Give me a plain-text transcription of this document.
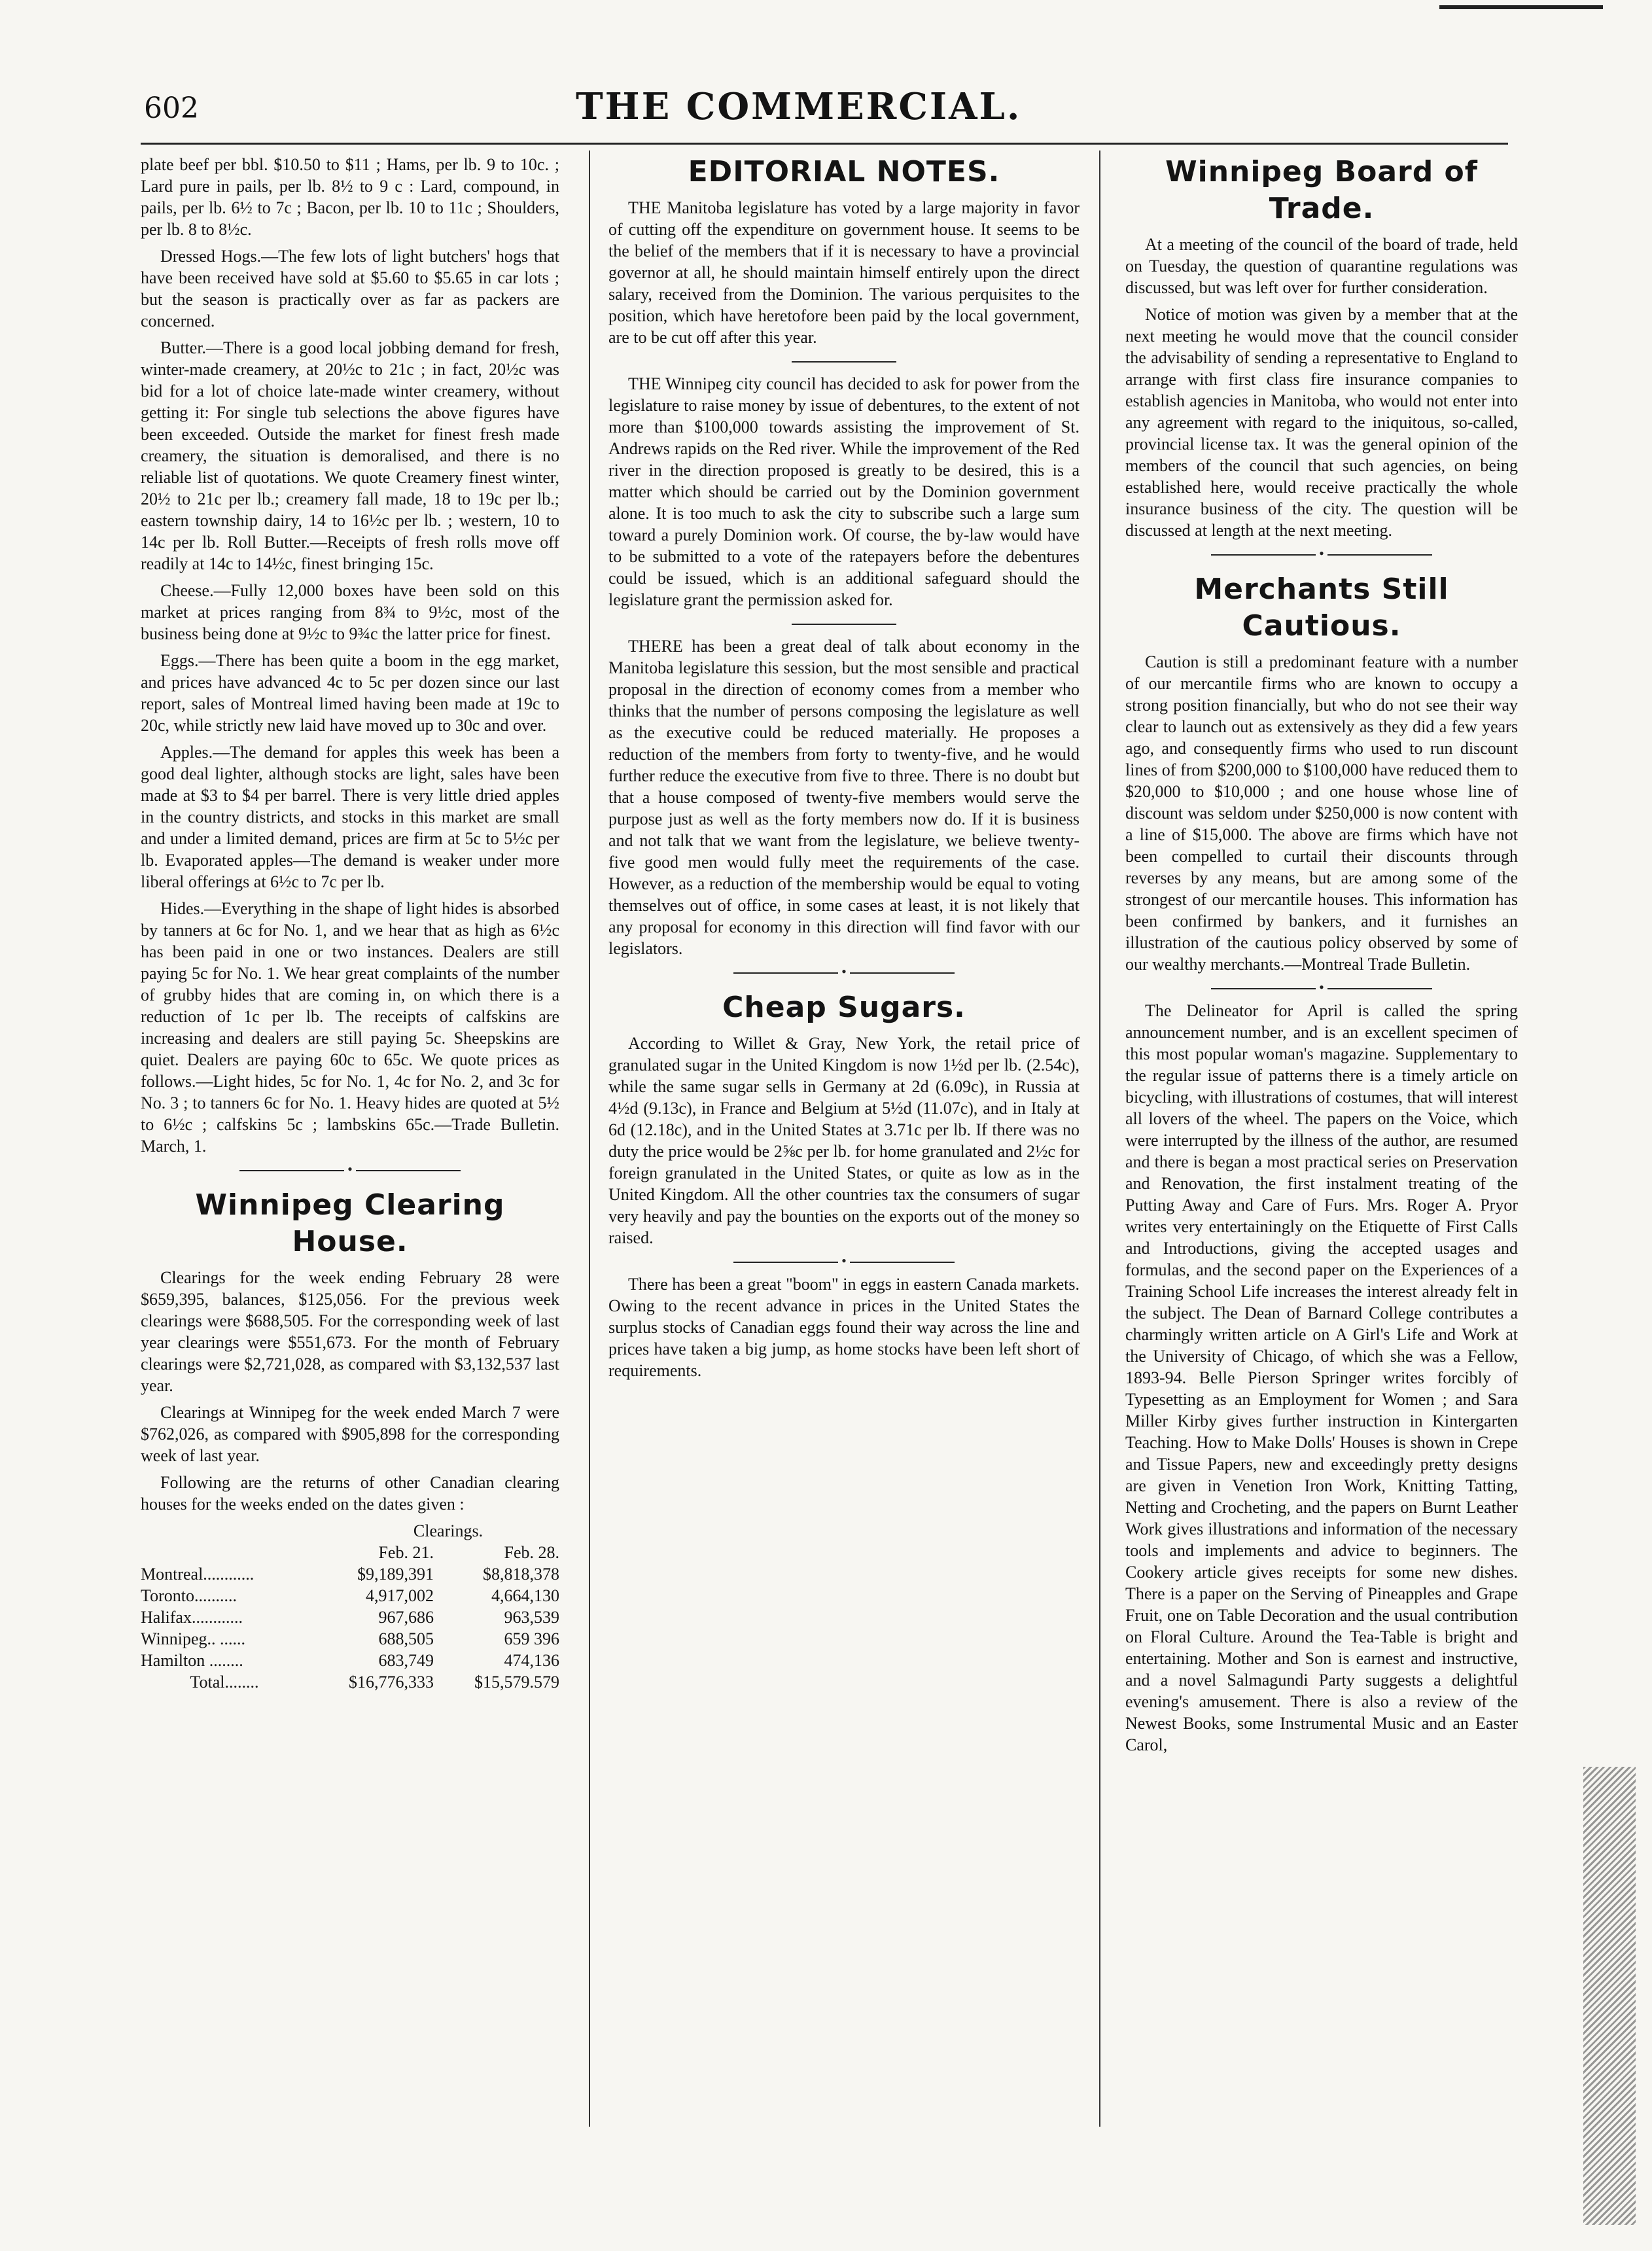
602	THE COMMERCIAL.

plate beef per bbl. $10.50 to $11 ; Hams, per lb. 9 to 10c. ; Lard pure in pails, per lb. 8½ to 9 c : Lard, compound, in pails, per lb. 6½ to 7c ; Bacon, per lb. 10 to 11c ; Shoulders, per lb. 8 to 8½c.

Dressed Hogs.—The few lots of light butchers' hogs that have been received have sold at $5.60 to $5.65 in car lots ; but the season is practically over as far as packers are concerned.

Butter.—There is a good local jobbing demand for fresh, winter-made creamery, at 20½c to 21c ; in fact, 20½c was bid for a lot of choice late-made winter creamery, without getting it: For single tub selections the above figures have been exceeded. Outside the market for finest fresh made creamery, the situation is demoralised, and there is no reliable list of quotations. We quote Creamery finest winter, 20½ to 21c per lb.; creamery fall made, 18 to 19c per lb.; eastern township dairy, 14 to 16½c per lb. ; western, 10 to 14c per lb. Roll Butter.—Receipts of fresh rolls move off readily at 14c to 14½c, finest bringing 15c.

Cheese.—Fully 12,000 boxes have been sold on this market at prices ranging from 8¾ to 9½c, most of the business being done at 9½c to 9¾c the latter price for finest.

Eggs.—There has been quite a boom in the egg market, and prices have advanced 4c to 5c per dozen since our last report, sales of Montreal limed having been made at 19c to 20c, while strictly new laid have moved up to 30c and over.

Apples.—The demand for apples this week has been a good deal lighter, although stocks are light, sales have been made at $3 to $4 per barrel. There is very little dried apples in the country districts, and stocks in this market are small and under a limited demand, prices are firm at 5c to 5½c per lb. Evaporated apples—The demand is weaker under more liberal offerings at 6½c to 7c per lb.

Hides.—Everything in the shape of light hides is absorbed by tanners at 6c for No. 1, and we hear that as high as 6½c has been paid in one or two instances. Dealers are still paying 5c for No. 1. We hear great complaints of the number of grubby hides that are coming in, on which there is a reduction of 1c per lb. The receipts of calfskins are increasing and dealers are still paying 5c. Sheepskins are quiet. Dealers are paying 60c to 65c. We quote prices as follows.—Light hides, 5c for No. 1, 4c for No. 2, and 3c for No. 3 ; to tanners 6c for No. 1. Heavy hides are quoted at 5½ to 6½c ; calfskins 5c ; lambskins 65c.—Trade Bulletin. March, 1.

•
Winnipeg Clearing House.

Clearings for the week ending February 28 were $659,395, balances, $125,056. For the previous week clearings were $688,505. For the corresponding week of last year clearings were $551,673. For the month of February clearings were $2,721,028, as compared with $3,132,537 last year.

Clearings at Winnipeg for the week ended March 7 were $762,026, as compared with $905,898 for the corresponding week of last year.

Following are the returns of other Canadian clearing houses for the weeks ended on the dates given :

Clearings.
	Feb. 21.	Feb. 28.
Montreal............	$9,189,391	$8,818,378
Toronto..........	4,917,002	4,664,130
Halifax............	967,686	963,539
Winnipeg.. ......	688,505	659 396
Hamilton ........	683,749	474,136
Total........	$16,776,333	$15,579.579
EDITORIAL NOTES.

THE Manitoba legislature has voted by a large majority in favor of cutting off the expenditure on government house. It seems to be the belief of the members that if it is necessary to have a provincial governor at all, he should maintain himself entirely upon the direct salary, received from the Dominion. The various perquisites to the position, which have heretofore been paid by the local government, are to be cut off after this year.

THE Winnipeg city council has decided to ask for power from the legislature to raise money by issue of debentures, to the extent of not more than $100,000 towards assisting the improvement of St. Andrews rapids on the Red river. While the improvement of the Red river in the direction proposed is greatly to be desired, this is a matter which should be carried out by the Dominion government alone. It is too much to ask the city to subscribe such a large sum toward a purely Dominion work. Of course, the by-law would have to be submitted to a vote of the ratepayers before the debentures could be issued, which is an additional safeguard should the legislature grant the permission asked for.

THERE has been a great deal of talk about economy in the Manitoba legislature this session, but the most sensible and practical proposal in the direction of economy comes from a member who thinks that the number of persons composing the legislature as well as the executive could be reduced materially. He proposes a reduction of the members from forty to twenty-five, and he would further reduce the executive from five to three. There is no doubt but that a house composed of twenty-five members would serve the purpose just as well as the forty members now do. If it is business and not talk that we want from the legislature, we believe twenty-five good men would fully meet the requirements of the case. However, as a reduction of the membership would be equal to voting themselves out of office, in some cases at least, it is not likely that any proposal for economy in this direction will find favor with our legislators.

•
Cheap Sugars.

According to Willet & Gray, New York, the retail price of granulated sugar in the United Kingdom is now 1½d per lb. (2.54c), while the same sugar sells in Germany at 2d (6.09c), in Russia at 4½d (9.13c), in France and Belgium at 5½d (11.07c), and in Italy at 6d (12.18c), and in the United States at 3.71c per lb. If there was no duty the price would be 2⅝c per lb. for home granulated and 2½c for foreign granulated in the United States, or quite as low as in the United Kingdom. All the other countries tax the consumers of sugar very heavily and pay the bounties on the exports out of the money so raised.

•

There has been a great "boom" in eggs in eastern Canada markets. Owing to the recent advance in prices in the United States the surplus stocks of Canadian eggs found their way across the line and prices have taken a big jump, as home stocks have been left short of requirements.

Winnipeg Board of Trade.

At a meeting of the council of the board of trade, held on Tuesday, the question of quarantine regulations was discussed, but was left over for further consideration.

Notice of motion was given by a member that at the next meeting he would move that the council consider the advisability of sending a representative to England to arrange with first class fire insurance companies to establish agencies in Manitoba, who would not enter into any agreement with regard to the iniquitous, so-called, provincial license tax. It was the general opinion of the members of the council that such agencies, on being established here, would receive practically the whole insurance business of the city. The question will be discussed at length at the next meeting.

•
Merchants Still Cautious.

Caution is still a predominant feature with a number of our mercantile firms who are known to occupy a strong position financially, but who do not see their way clear to launch out as extensively as they did a few years ago, and consequently firms who used to run discount lines of from $200,000 to $100,000 have reduced them to $20,000 to $10,000 ; and one house whose line of discount was seldom under $250,000 is now content with a line of $15,000. The above are firms which have not been compelled to curtail their discounts through reverses by any means, but are among some of the strongest of our mercantile houses. This information has been confirmed by bankers, and it furnishes an illustration of the cautious policy observed by some of our wealthy merchants.—Montreal Trade Bulletin.

•

The Delineator for April is called the spring announcement number, and is an excellent specimen of this most popular woman's magazine. Supplementary to the regular issue of patterns there is a timely article on bicycling, with illustrations of costumes, that will interest all lovers of the wheel. The papers on the Voice, which were interrupted by the illness of the author, are resumed and there is began a most practical series on Preservation and Renovation, the first instalment treating of the Putting Away and Care of Furs. Mrs. Roger A. Pryor writes very entertainingly on the Etiquette of First Calls and Introductions, giving the accepted usages and formulas, and the second paper on the Experiences of a Training School Life increases the interest already felt in the subject. The Dean of Barnard College contributes a charmingly written article on A Girl's Life and Work at the University of Chicago, of which she was a Fellow, 1893-94. Belle Pierson Springer writes forcibly of Typesetting as an Employment for Women ; and Sara Miller Kirby gives further instruction in Kintergarten Teaching. How to Make Dolls' Houses is shown in Crepe and Tissue Papers, new and exceedingly pretty designs are given in Venetion Iron Work, Knitting Tatting, Netting and Crocheting, and the papers on Burnt Leather Work gives illustrations and information of the necessary tools and implements and advice to beginners. The Cookery article gives receipts for some new dishes. There is a paper on the Serving of Pineapples and Grape Fruit, one on Table Decoration and the usual contribution on Floral Culture. Around the Tea-Table is bright and entertaining. Mother and Son is earnest and instructive, and a novel Salmagundi Party suggests a delightful evening's amusement. There is also a review of the Newest Books, some Instrumental Music and an Easter Carol,
